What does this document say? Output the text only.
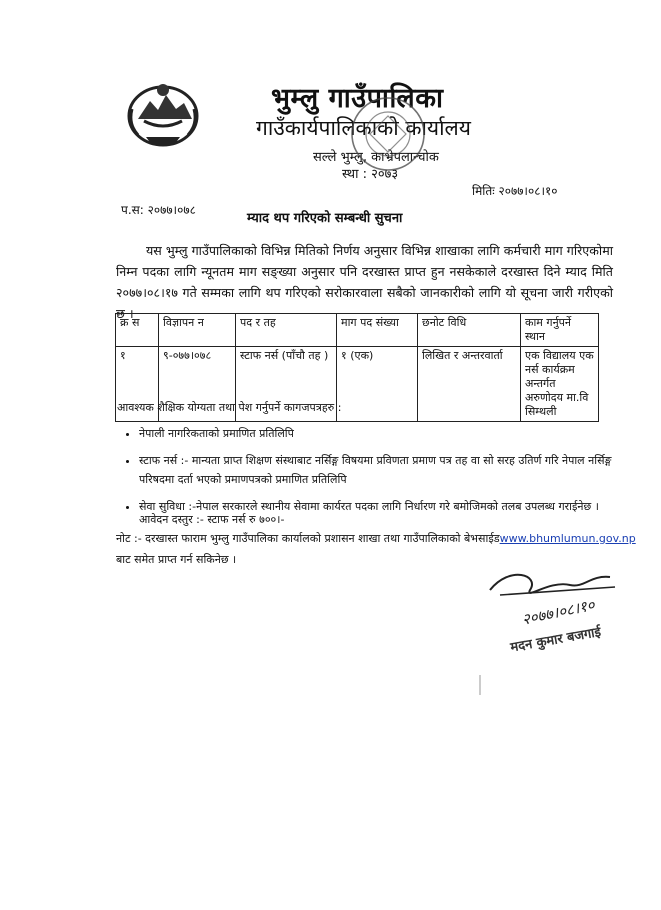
भुम्लु गाउँपालिका
गाउँकार्यपालिकाको कार्यालय
सल्ले भुम्लु, काभ्रेपलान्चोक
स्था : २०७३
मितिः २०७७।०८।१०
प.स: २०७७।०७८
म्याद थप गरिएको सम्बन्धी सुचना
यस भुम्लु गाउँपालिकाको विभिन्न मितिको निर्णय अनुसार विभिन्न शाखाका लागि कर्मचारी माग गरिएकोमा निम्न पदका लागि न्यूनतम माग सङ्ख्या अनुसार पनि दरखास्त प्राप्त हुन नसकेकाले दरखास्त दिने म्याद मिति २०७७।०८।१७ गते सम्मका लागि थप गरिएको सरोकारवाला सबैको जानकारीको लागि यो सूचना जारी गरीएको छ ।
क्र स	विज्ञापन न	पद र तह	माग पद संख्या	छनोट विधि	काम गर्नुपर्ने स्थान
१	९-०७७।०७८	स्टाफ नर्स (पाँचौ तह )	१ (एक)	लिखित र अन्तरवार्ता	एक विद्यालय एक नर्स कार्यक्रम अन्तर्गत अरुणोदय मा.वि सिम्थली
आवश्यक शैक्षिक योग्यता तथा पेश गर्नुपर्ने कागजपत्रहरु :
• नेपाली नागरिकताको प्रमाणित प्रतिलिपि
• स्टाफ नर्स :- मान्यता प्राप्त शिक्षण संस्थाबाट नर्सिङ्ग विषयमा प्रविणता प्रमाण पत्र तह वा सो सरह उतिर्ण गरि नेपाल नर्सिङ्ग परिषदमा दर्ता भएको प्रमाणपत्रको प्रमाणित प्रतिलिपि
• सेवा सुविधा :-नेपाल सरकारले स्थानीय सेवामा कार्यरत पदका लागि निर्धारण गरे बमोजिमको तलब उपलब्ध गराईनेछ ।
आवेदन दस्तुर :- स्टाफ नर्स रु ७००।-
नोट :- दरखास्त फाराम भुम्लु गाउँपालिका कार्यालको प्रशासन शाखा तथा गाउँपालिकाको बेभसाईडwww.bhumlumun.gov.np बाट समेत प्राप्त गर्न सकिनेछ ।
२०७७।०८।१०
मदन कुमार बजगाई
